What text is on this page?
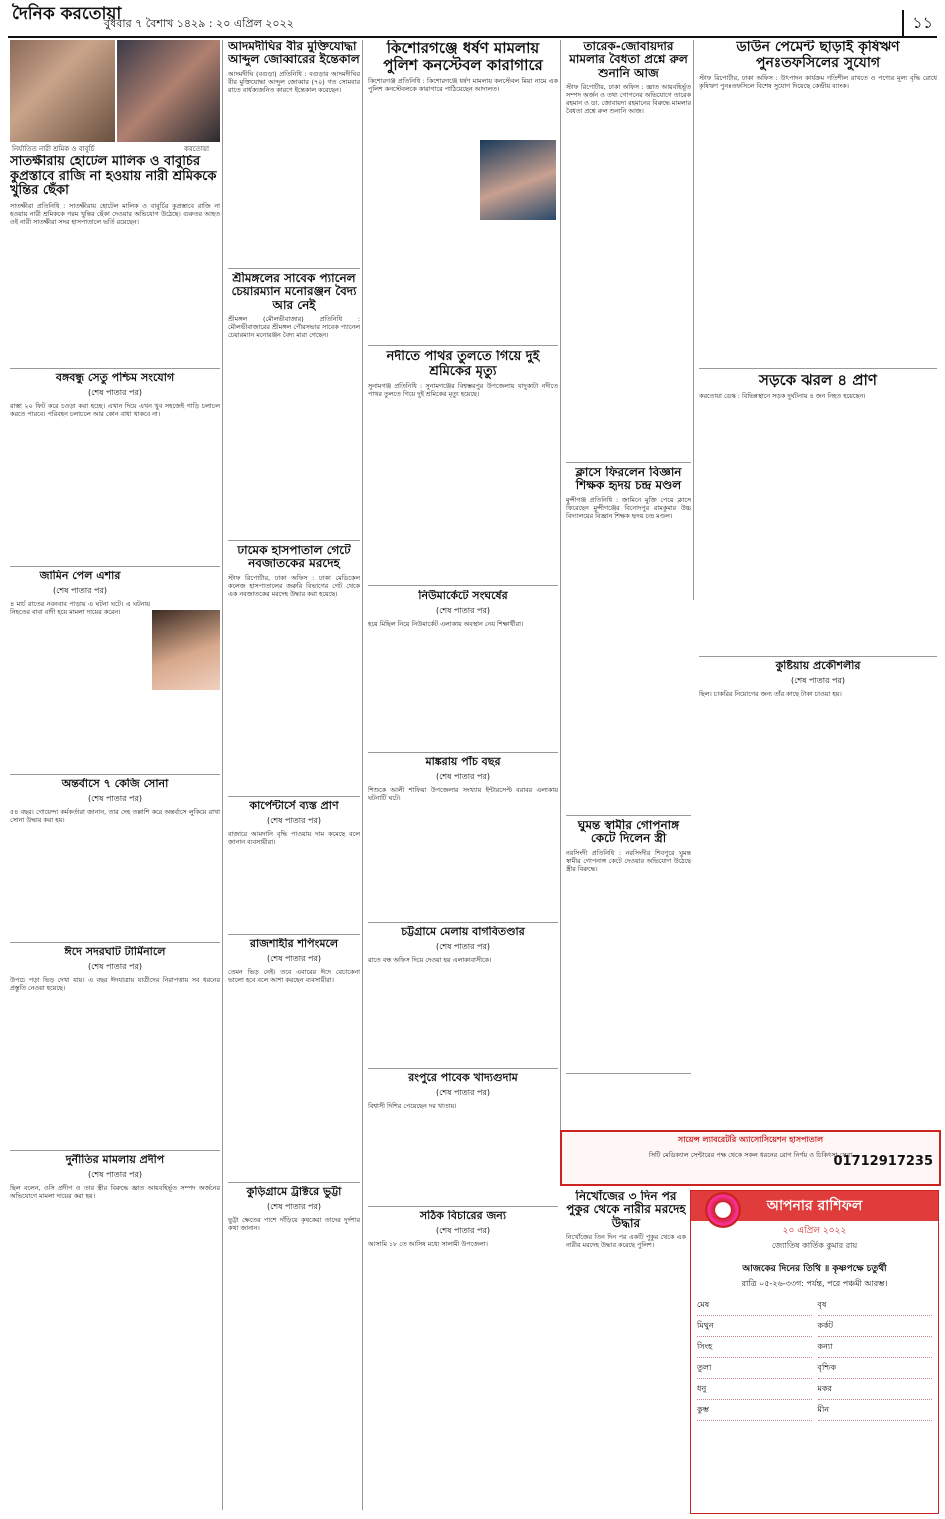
দৈনিক করতোয়া
বুধবার ৭ বৈশাখ ১৪২৯ : ২০ এপ্রিল ২০২২	১১
নির্যাতিত নারী শ্রমিক ও বাবুর্চি	করতোয়া

সাতক্ষীরায় হোটেল মালিক ও বাবুর্চির কুপ্রস্তাবে রাজি না হওয়ায় নারী শ্রমিককে খুন্তির ছেঁকা

সাতক্ষীরা প্রতিনিধি : সাতক্ষীরায় হোটেল মালিক ও বাবুর্চির কুপ্রস্তাবে রাজি না হওয়ায় নারী শ্রমিককে গরম খুন্তির ছেঁকা দেওয়ার অভিযোগ উঠেছে। গুরুতর আহত ওই নারী সাতক্ষীরা সদর হাসপাতালে ভর্তি রয়েছেন।

বঙ্গবন্ধু সেতু পশ্চিম সংযোগ

(শেষ পাতার পর)

রাস্তা ২০ ফিট করে চওড়া করা হচ্ছে। এখান দিয়ে এখন খুব সহজেই গাড়ি চলাচল করতে পারবে। পরিবহন চলাচলে আর কোন বাধা থাকবে না।

জামিন পেল এশার

(শেষ পাতার পর)

৪ মার্চ রাতের নবনবাব পাড়ায় এ ঘটনা ঘটে। এ ঘটনায় নিহতের বাবা বাদী হয়ে মামলা দায়ের করেন।

অন্তর্বাসে ৭ কেজি সোনা

(শেষ পাতার পর)

৫৪ বছর। গোয়েন্দা কর্মকর্তারা জানান, তার দেহ তল্লাশি করে অন্তর্বাসে লুকিয়ে রাখা সোনা উদ্ধার করা হয়।

ঈদে সদরঘাট টার্মিনালে

(শেষ পাতার পর)

উপচে পড়া ভিড় দেখা যায়। এ বছর ঈদযাত্রায় যাত্রীদের নিরাপত্তায় সব ধরনের প্রস্তুতি নেওয়া হয়েছে।

দুর্নীতির মামলায় প্রদীপ

(শেষ পাতার পর)

ছিল বলেন, ওসি প্রদীপ ও তার স্ত্রীর বিরুদ্ধে জ্ঞাত আয়বহির্ভূত সম্পদ অর্জনের অভিযোগে মামলা দায়ের করা হয়।

আদমদীঘির বীর মুক্তিযোদ্ধা আব্দুল জোব্বারের ইন্তেকাল

আদমদীঘি (বগুড়া) প্রতিনিধি : বগুড়ার আদমদীঘির বীর মুক্তিযোদ্ধা আব্দুল জোব্বার (৭০) গত সোমবার রাতে বার্ধক্যজনিত কারণে ইন্তেকাল করেছেন।

শ্রীমঙ্গলের সাবেক প্যানেল চেয়ারম্যান মনোরঞ্জন বৈদ্য আর নেই

শ্রীমঙ্গল (মৌলভীবাজার) প্রতিনিধি : মৌলভীবাজারের শ্রীমঙ্গল পৌরসভার সাবেক প্যানেল চেয়ারম্যান মনোরঞ্জন বৈদ্য মারা গেছেন।

ঢামেক হাসপাতাল গেটে নবজাতকের মরদেহ

স্টাফ রিপোর্টার, ঢাকা অফিস : ঢাকা মেডিকেল কলেজ হাসপাতালের জরুরি বিভাগের গেট থেকে এক নবজাতকের মরদেহ উদ্ধার করা হয়েছে।

কার্পেন্টার্সে ব্যস্ত প্রাণ

(শেষ পাতার পর)

বাজারে আমদানি বৃদ্ধি পাওয়ায় দাম কমেছে বলে জানান ব্যবসায়ীরা।

রাজশাহীর শপিংমলে

(শেষ পাতার পর)

তেমন ভিড় নেই। তবে এবারের ঈদে বেচাকেনা ভালো হবে বলে আশা করছেন ব্যবসায়ীরা।

কুড়িগ্রামে ট্রাক্টরে ভুট্টা

(শেষ পাতার পর)

ভুট্টা ক্ষেতের পাশে দাঁড়িয়ে কৃষকেরা তাদের দুর্দশার কথা জানান।

কিশোরগঞ্জে ধর্ষণ মামলায় পুলিশ কনস্টেবল কারাগারে

কিশোরগঞ্জ প্রতিনিধি : কিশোরগঞ্জে ধর্ষণ মামলায় কনস্টেবল মিয়া নামে এক পুলিশ কনস্টেবলকে কারাগারে পাঠিয়েছেন আদালত।

নদীতে পাথর তুলতে গিয়ে দুই শ্রমিকের মৃত্যু

সুনামগঞ্জ প্রতিনিধি : সুনামগঞ্জের বিশ্বম্ভরপুর উপজেলায় যাদুকাটা নদীতে পাথর তুলতে গিয়ে দুই শ্রমিকের মৃত্যু হয়েছে।

নিউমার্কেটে সংঘর্ষের

(শেষ পাতার পর)

হয়ে মিছিল নিয়ে নিউমার্কেট এলাকায় অবস্থান নেয় শিক্ষার্থীরা।

মাঙ্করায় পাঁচ বছর

(শেষ পাতার পর)

শিশুকে আলী শাফিয়া উপজেলার সংখ্যায় ইন্টারসেপ্ট বরাবর এলাকায় ঘটনাটি ঘটে।

চট্টগ্রামে মেলায় বাগবিতণ্ডার

(শেষ পাতার পর)

রাতে বন্ধ অফিস দিয়ে দেওয়া হয় এলাকাবাসীকে।

রংপুরে পাবেক খাদ্যগুদাম

(শেষ পাতার পর)

বিশ্বাসী দিশির পেয়েছেন দর খাতায়।

সঠিক বিচারের জন্য

(শেষ পাতার পর)

আসামি ১৮ তে আসিষ মধ্যে সালামী উপজেলা।

তারেক-জোবায়দার মামলার বৈধতা প্রশ্নে রুল শুনানি আজ

স্টাফ রিপোর্টার, ঢাকা অফিস : জ্ঞাত আয়বহির্ভূত সম্পদ অর্জন ও তথ্য গোপনের অভিযোগে তারেক রহমান ও ডা. জোবায়দা রহমানের বিরুদ্ধে মামলার বৈধতা প্রশ্নে রুল শুনানি আজ।

ক্লাসে ফিরলেন বিজ্ঞান শিক্ষক হৃদয় চন্দ্র মণ্ডল

মুন্সীগঞ্জ প্রতিনিধি : জামিনে মুক্তি পেয়ে ক্লাসে ফিরেছেন মুন্সীগঞ্জের বিনোদপুর রামকুমার উচ্চ বিদ্যালয়ের বিজ্ঞান শিক্ষক হৃদয় চন্দ্র মণ্ডল।

ঘুমন্ত স্বামীর গোপনাঙ্গ কেটে দিলেন স্ত্রী

নরসিংদী প্রতিনিধি : নরসিংদীর শিবপুরে ঘুমন্ত স্বামীর গোপনাঙ্গ কেটে দেওয়ার অভিযোগ উঠেছে স্ত্রীর বিরুদ্ধে।

নিখোঁজের ৩ দিন পর পুকুর থেকে নারীর মরদেহ উদ্ধার

নিখোঁজের তিন দিন পর একটি পুকুর থেকে এক নারীর মরদেহ উদ্ধার করেছে পুলিশ।

ডাউন পেমেন্ট ছাড়াই কৃষিঋণ পুনঃতফসিলের সুযোগ

স্টাফ রিপোর্টার, ঢাকা অফিস : উৎপাদন কার্যক্রম গতিশীল রাখতে ও পণ্যের মূল্য বৃদ্ধি রোধে কৃষিঋণ পুনঃতফসিলে বিশেষ সুযোগ দিয়েছে কেন্দ্রীয় ব্যাংক।

সড়কে ঝরল ৪ প্রাণ

করতোয়া ডেস্ক : বিভিন্নস্থানে সড়ক দুর্ঘটনায় ৪ জন নিহত হয়েছেন।

কুষ্টিয়ায় প্রকৌশলীর

(শেষ পাতার পর)

ছিল। চাকরির নিয়োগের জন্য তাঁর কাছে টাকা চাওয়া হয়।

সায়েন্স ল্যাবরেটরি অ্যাসোসিয়েশন হাসপাতাল
সিটি মেডিক্যাল সেন্টারের পক্ষ থেকে সকল ধরনের রোগ নির্ণয় ও চিকিৎসা সেবা
01712917235
আপনার রাশিফল
২০ এপ্রিল ২০২২
জ্যোতিষ কার্তিক কুমার রায়
আজকের দিনের তিথি ॥ কৃষ্ণপক্ষে চতুর্থী
রাত্রি ০৫-২৬-৩৩গ: পর্যন্ত, পরে পঞ্চমী আরম্ভ।
মেষ	বৃষ
মিথুন	কর্কট
সিংহ	কন্যা
তুলা	বৃশ্চিক
ধনু	মকর
কুম্ভ	মীন
